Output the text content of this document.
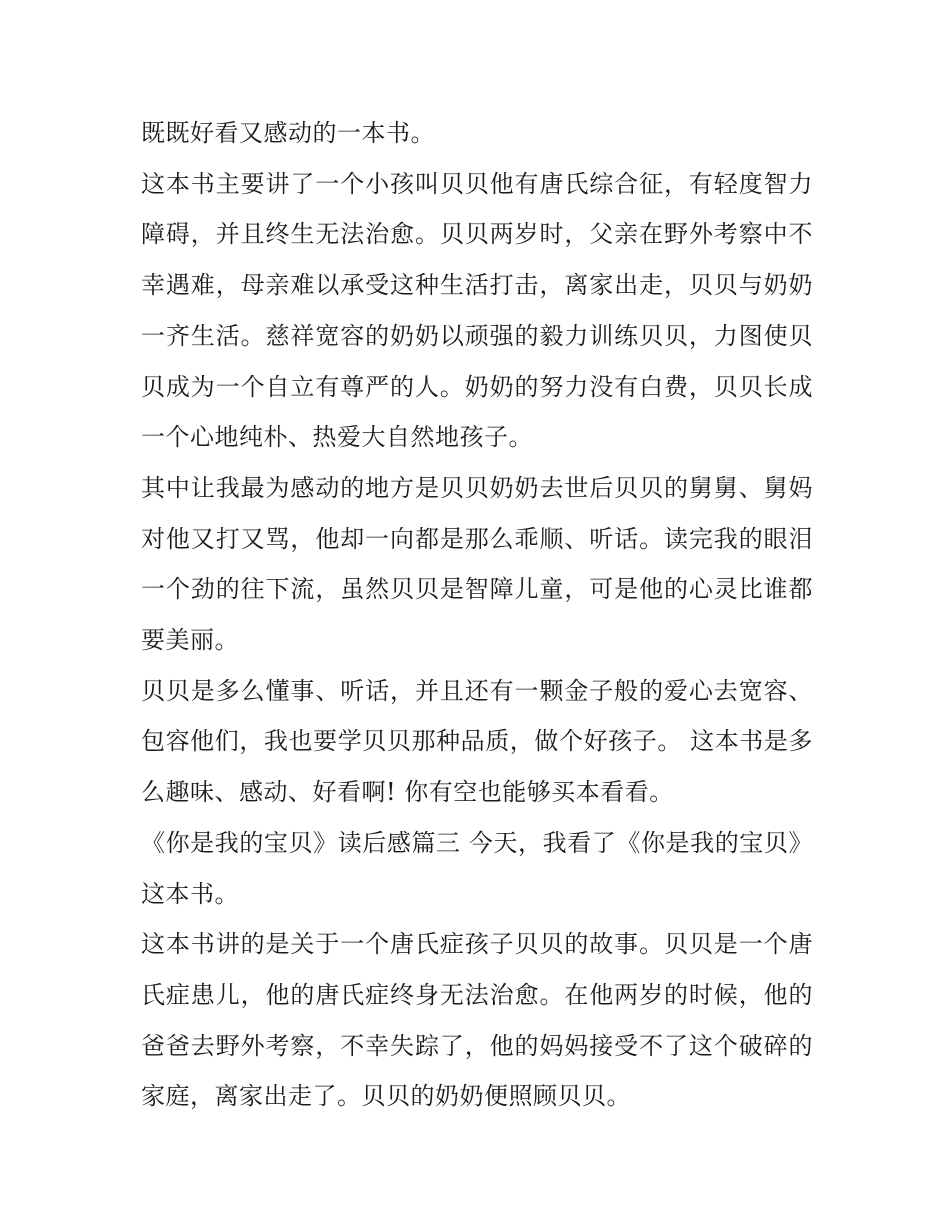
既既好看又感动的一本书。

这本书主要讲了一个小孩叫贝贝他有唐氏综合征，有轻度智力障碍，并且终生无法治愈。贝贝两岁时，父亲在野外考察中不幸遇难，母亲难以承受这种生活打击，离家出走，贝贝与奶奶一齐生活。慈祥宽容的奶奶以顽强的毅力训练贝贝，力图使贝贝成为一个自立有尊严的人。奶奶的努力没有白费，贝贝长成一个心地纯朴、热爱大自然地孩子。

其中让我最为感动的地方是贝贝奶奶去世后贝贝的舅舅、舅妈对他又打又骂，他却一向都是那么乖顺、听话。读完我的眼泪一个劲的往下流，虽然贝贝是智障儿童，可是他的心灵比谁都要美丽。

贝贝是多么懂事、听话，并且还有一颗金子般的爱心去宽容、包容他们，我也要学贝贝那种品质，做个好孩子。 这本书是多么趣味、感动、好看啊! 你有空也能够买本看看。

《你是我的宝贝》读后感篇三 今天，我看了《你是我的宝贝》这本书。

这本书讲的是关于一个唐氏症孩子贝贝的故事。贝贝是一个唐氏症患儿，他的唐氏症终身无法治愈。在他两岁的时候，他的爸爸去野外考察，不幸失踪了，他的妈妈接受不了这个破碎的家庭，离家出走了。贝贝的奶奶便照顾贝贝。
